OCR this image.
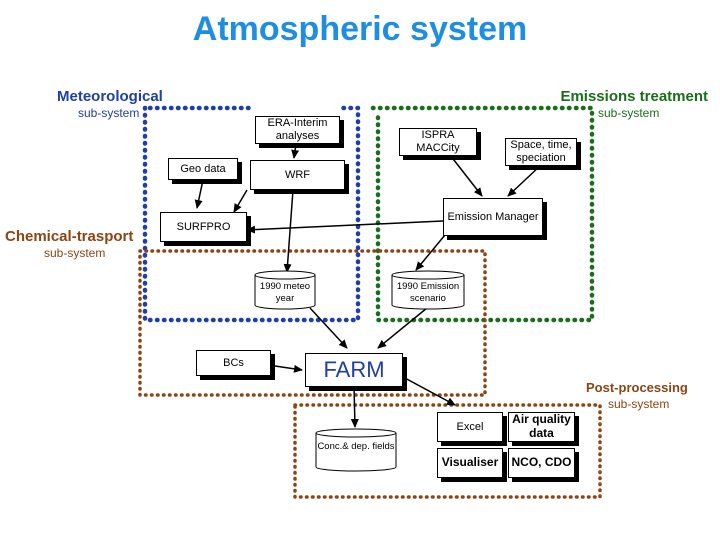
Atmospheric system
Meteorological
sub-system
Emissions treatment
sub-system
Chemical-trasport
sub-system
Post-processing
sub-system
ERA-Interim analyses	ISPRA MACCity	Space, time, speciation
Geo data	WRF
Emission Manager
SURFPRO
1990 meteo year
1990 Emission scenario
BCs	FARM
Conc.& dep. fields
Excel
Air quality data
Visualiser	NCO, CDO
